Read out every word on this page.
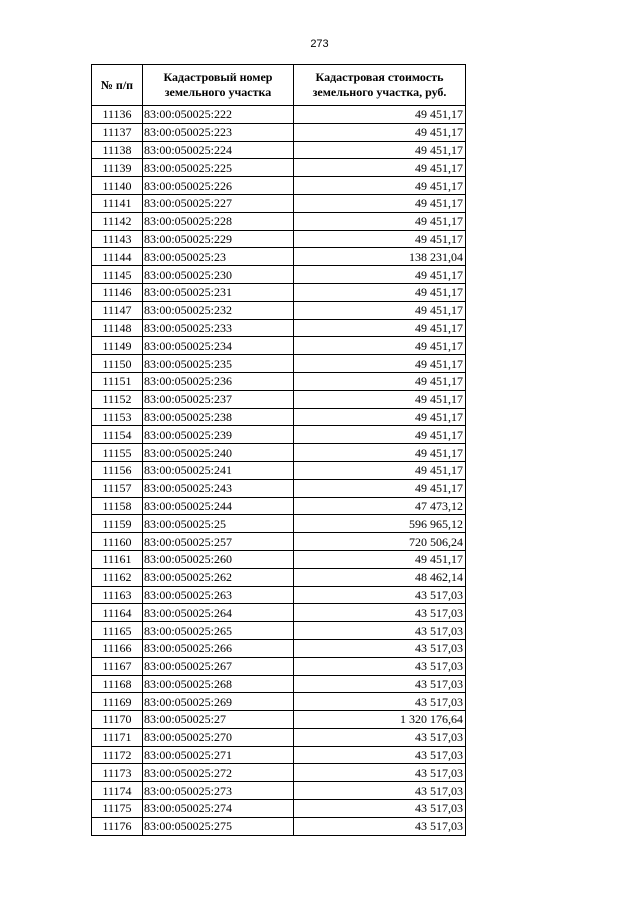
273
№ п/п	Кадастровый номер земельного участка	Кадастровая стоимость земельного участка, руб.
11136	83:00:050025:222	49 451,17
11137	83:00:050025:223	49 451,17
11138	83:00:050025:224	49 451,17
11139	83:00:050025:225	49 451,17
11140	83:00:050025:226	49 451,17
11141	83:00:050025:227	49 451,17
11142	83:00:050025:228	49 451,17
11143	83:00:050025:229	49 451,17
11144	83:00:050025:23	138 231,04
11145	83:00:050025:230	49 451,17
11146	83:00:050025:231	49 451,17
11147	83:00:050025:232	49 451,17
11148	83:00:050025:233	49 451,17
11149	83:00:050025:234	49 451,17
11150	83:00:050025:235	49 451,17
11151	83:00:050025:236	49 451,17
11152	83:00:050025:237	49 451,17
11153	83:00:050025:238	49 451,17
11154	83:00:050025:239	49 451,17
11155	83:00:050025:240	49 451,17
11156	83:00:050025:241	49 451,17
11157	83:00:050025:243	49 451,17
11158	83:00:050025:244	47 473,12
11159	83:00:050025:25	596 965,12
11160	83:00:050025:257	720 506,24
11161	83:00:050025:260	49 451,17
11162	83:00:050025:262	48 462,14
11163	83:00:050025:263	43 517,03
11164	83:00:050025:264	43 517,03
11165	83:00:050025:265	43 517,03
11166	83:00:050025:266	43 517,03
11167	83:00:050025:267	43 517,03
11168	83:00:050025:268	43 517,03
11169	83:00:050025:269	43 517,03
11170	83:00:050025:27	1 320 176,64
11171	83:00:050025:270	43 517,03
11172	83:00:050025:271	43 517,03
11173	83:00:050025:272	43 517,03
11174	83:00:050025:273	43 517,03
11175	83:00:050025:274	43 517,03
11176	83:00:050025:275	43 517,03
